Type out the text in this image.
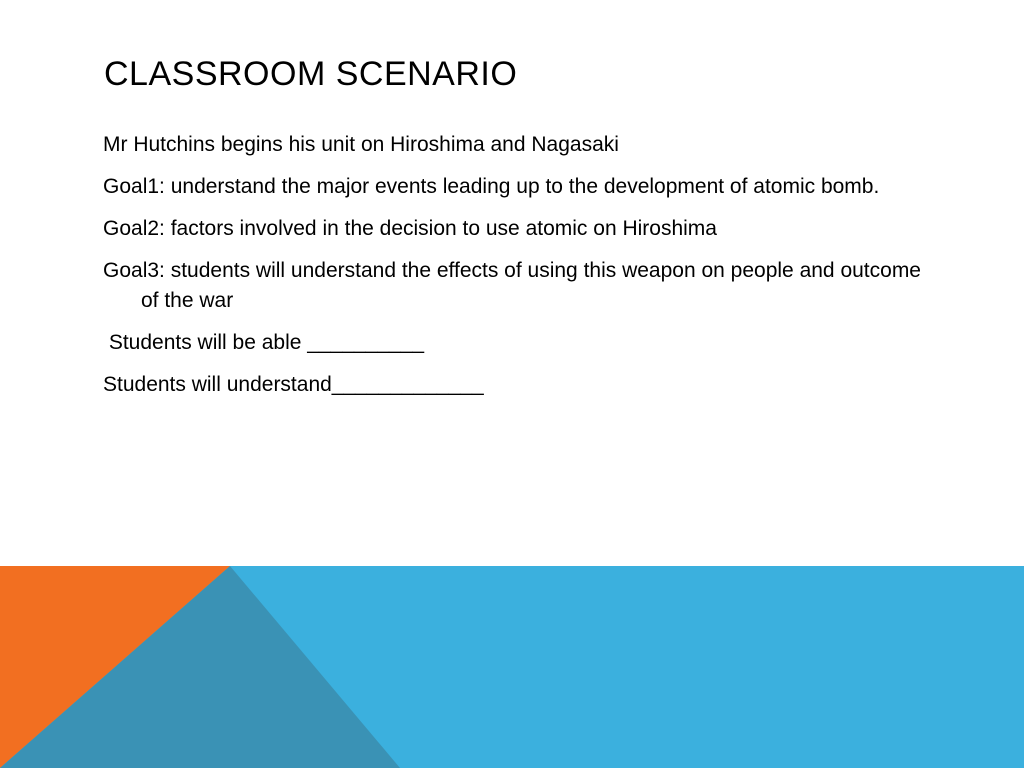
CLASSROOM SCENARIO
Mr Hutchins begins his unit on Hiroshima and Nagasaki
Goal1: understand the major events leading up to the development of atomic bomb.
Goal2: factors involved in the decision to use atomic on Hiroshima
Goal3: students will understand the effects of using this weapon on people and outcome of the war
Students will be able __________
Students will understand_____________
